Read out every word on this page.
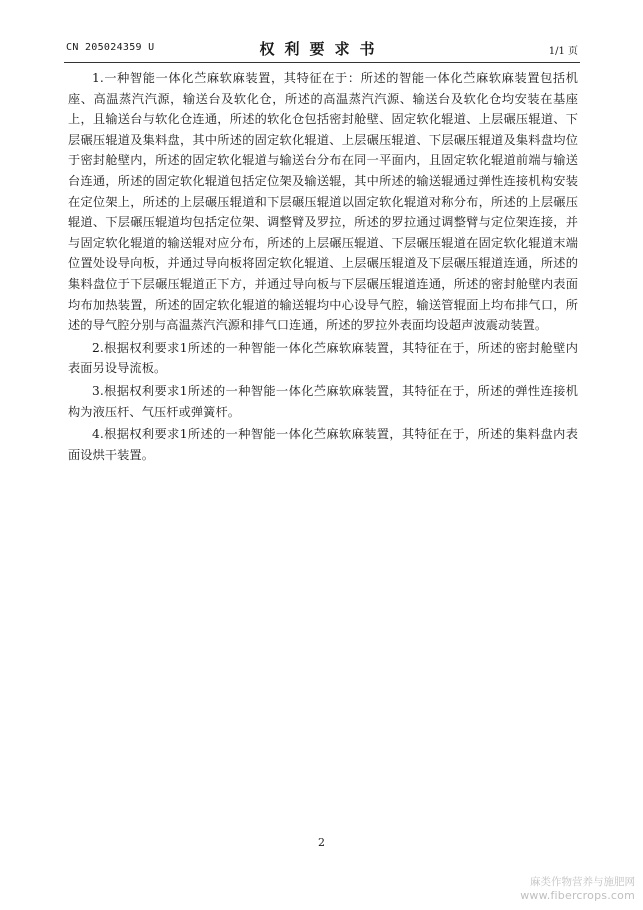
CN 205024359 U	权利要求书	1/1 页

1.一种智能一体化苎麻软麻装置，其特征在于：所述的智能一体化苎麻软麻装置包括机座、高温蒸汽汽源，输送台及软化仓，所述的高温蒸汽汽源、输送台及软化仓均安装在基座上，且输送台与软化仓连通，所述的软化仓包括密封舱壁、固定软化辊道、上层碾压辊道、下层碾压辊道及集料盘，其中所述的固定软化辊道、上层碾压辊道、下层碾压辊道及集料盘均位于密封舱壁内，所述的固定软化辊道与输送台分布在同一平面内，且固定软化辊道前端与输送台连通，所述的固定软化辊道包括定位架及输送辊，其中所述的输送辊通过弹性连接机构安装在定位架上，所述的上层碾压辊道和下层碾压辊道以固定软化辊道对称分布，所述的上层碾压辊道、下层碾压辊道均包括定位架、调整臂及罗拉，所述的罗拉通过调整臂与定位架连接，并与固定软化辊道的输送辊对应分布，所述的上层碾压辊道、下层碾压辊道在固定软化辊道末端位置处设导向板，并通过导向板将固定软化辊道、上层碾压辊道及下层碾压辊道连通，所述的集料盘位于下层碾压辊道正下方，并通过导向板与下层碾压辊道连通，所述的密封舱壁内表面均布加热装置，所述的固定软化辊道的输送辊均中心设导气腔，输送管辊面上均布排气口，所述的导气腔分别与高温蒸汽汽源和排气口连通，所述的罗拉外表面均设超声波震动装置。

2.根据权利要求1所述的一种智能一体化苎麻软麻装置，其特征在于，所述的密封舱壁内表面另设导流板。

3.根据权利要求1所述的一种智能一体化苎麻软麻装置，其特征在于，所述的弹性连接机构为液压杆、气压杆或弹簧杆。

4.根据权利要求1所述的一种智能一体化苎麻软麻装置，其特征在于，所述的集料盘内表面设烘干装置。

2
麻类作物营养与施肥网
www.fibercrops.com
